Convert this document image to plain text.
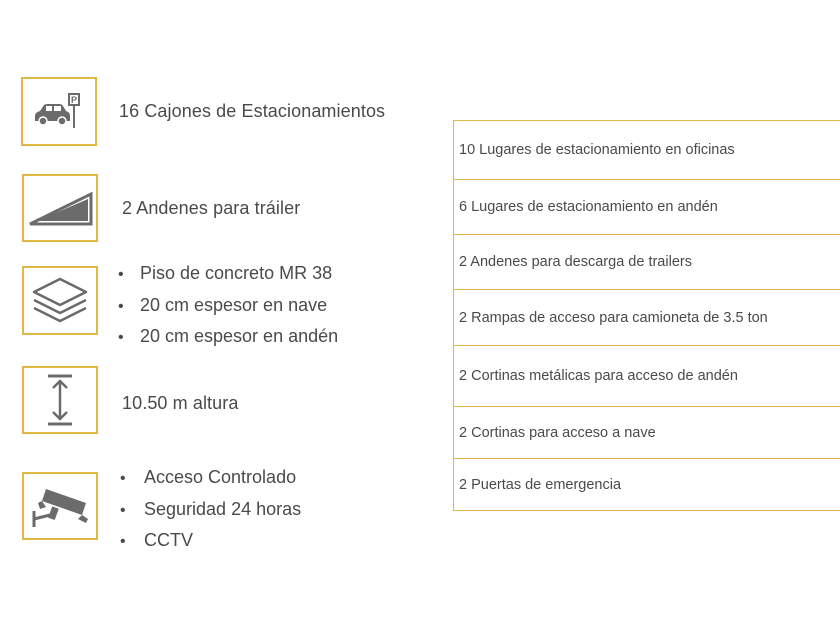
P
16 Cajones de Estacionamientos
2 Andenes para tráiler
• Piso de concreto MR 38
• 20 cm espesor en nave
• 20 cm espesor en andén
10.50 m altura
• Acceso Controlado
• Seguridad 24 horas
• CCTV
10 Lugares de estacionamiento en oficinas
6 Lugares de estacionamiento en andén
2 Andenes para descarga de trailers
2 Rampas de acceso para camioneta de 3.5 ton
2 Cortinas metálicas para acceso de andén
2 Cortinas para acceso a nave
2 Puertas de emergencia
